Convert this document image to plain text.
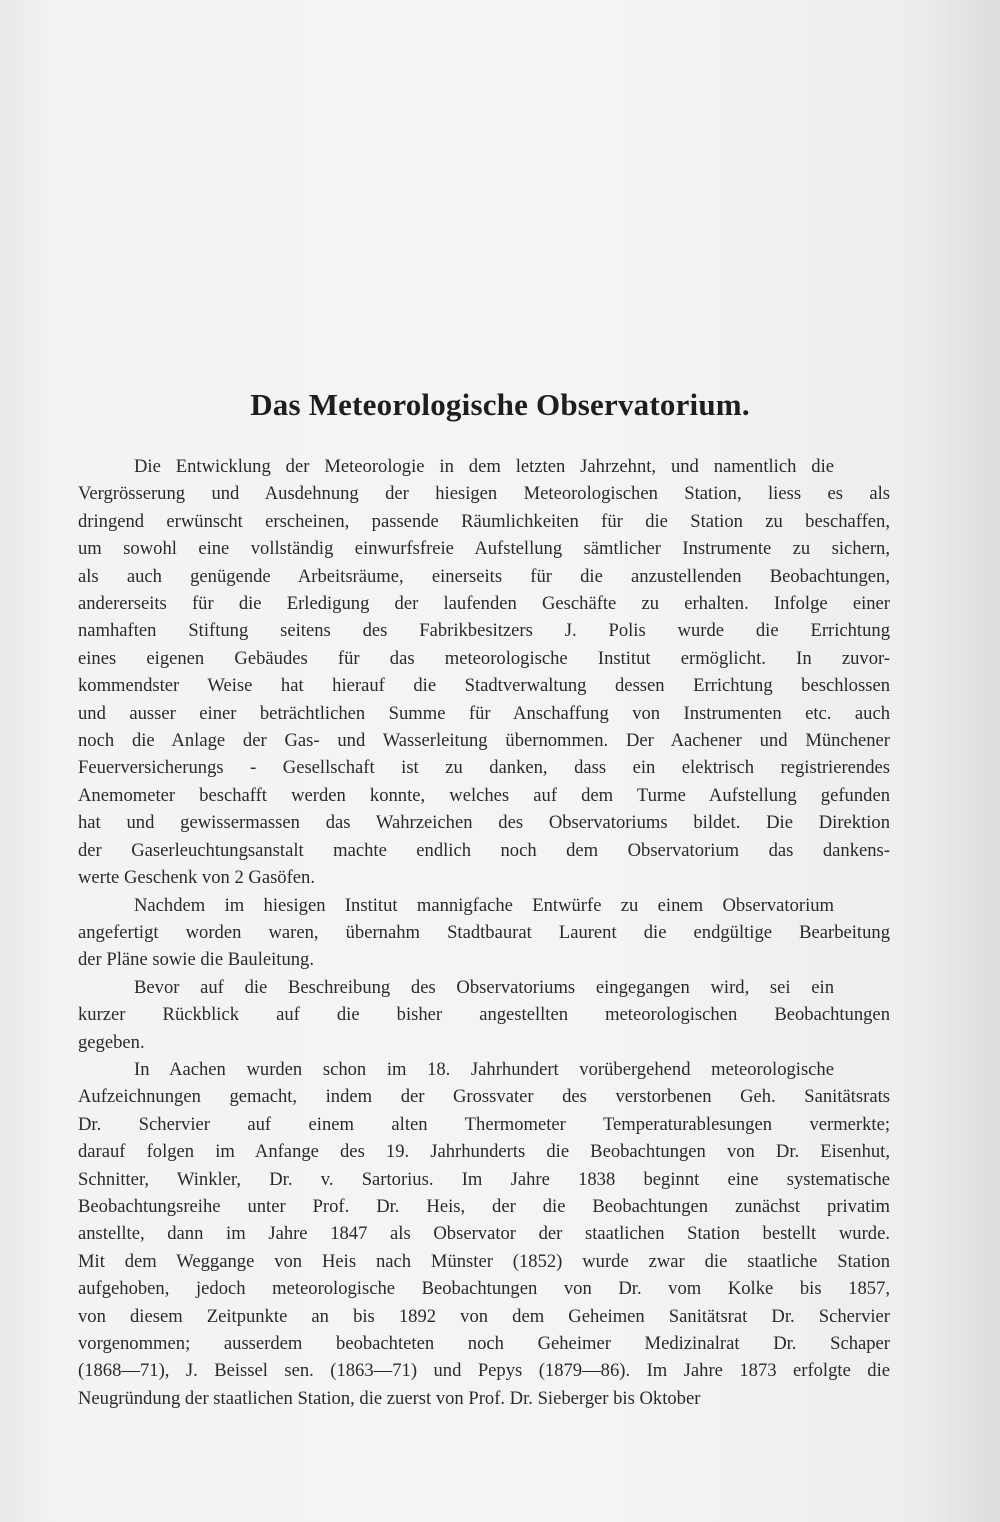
Das Meteorologische Observatorium.

Die Entwicklung der Meteorologie in dem letzten Jahrzehnt, und namentlich die
Vergrösserung und Ausdehnung der hiesigen Meteorologischen Station, liess es als
dringend erwünscht erscheinen, passende Räumlichkeiten für die Station zu beschaffen,
um sowohl eine vollständig einwurfsfreie Aufstellung sämtlicher Instrumente zu sichern,
als auch genügende Arbeitsräume, einerseits für die anzustellenden Beobachtungen,
andererseits für die Erledigung der laufenden Geschäfte zu erhalten. Infolge einer
namhaften Stiftung seitens des Fabrikbesitzers J. Polis wurde die Errichtung
eines eigenen Gebäudes für das meteorologische Institut ermöglicht. In zuvor-
kommendster Weise hat hierauf die Stadtverwaltung dessen Errichtung beschlossen
und ausser einer beträchtlichen Summe für Anschaffung von Instrumenten etc. auch
noch die Anlage der Gas- und Wasserleitung übernommen. Der Aachener und Münchener
Feuerversicherungs - Gesellschaft ist zu danken, dass ein elektrisch registrierendes
Anemometer beschafft werden konnte, welches auf dem Turme Aufstellung gefunden
hat und gewissermassen das Wahrzeichen des Observatoriums bildet. Die Direktion
der Gaserleuchtungsanstalt machte endlich noch dem Observatorium das dankens-
werte Geschenk von 2 Gasöfen.

Nachdem im hiesigen Institut mannigfache Entwürfe zu einem Observatorium
angefertigt worden waren, übernahm Stadtbaurat Laurent die endgültige Bearbeitung
der Pläne sowie die Bauleitung.

Bevor auf die Beschreibung des Observatoriums eingegangen wird, sei ein
kurzer Rückblick auf die bisher angestellten meteorologischen Beobachtungen
gegeben.

In Aachen wurden schon im 18. Jahrhundert vorübergehend meteorologische
Aufzeichnungen gemacht, indem der Grossvater des verstorbenen Geh. Sanitätsrats
Dr. Schervier auf einem alten Thermometer Temperaturablesungen vermerkte;
darauf folgen im Anfange des 19. Jahrhunderts die Beobachtungen von Dr. Eisenhut,
Schnitter, Winkler, Dr. v. Sartorius. Im Jahre 1838 beginnt eine systematische
Beobachtungsreihe unter Prof. Dr. Heis, der die Beobachtungen zunächst privatim
anstellte, dann im Jahre 1847 als Observator der staatlichen Station bestellt wurde.
Mit dem Weggange von Heis nach Münster (1852) wurde zwar die staatliche Station
aufgehoben, jedoch meteorologische Beobachtungen von Dr. vom Kolke bis 1857,
von diesem Zeitpunkte an bis 1892 von dem Geheimen Sanitätsrat Dr. Schervier
vorgenommen; ausserdem beobachteten noch Geheimer Medizinalrat Dr. Schaper
(1868—71), J. Beissel sen. (1863—71) und Pepys (1879—86). Im Jahre 1873 erfolgte die
Neugründung der staatlichen Station, die zuerst von Prof. Dr. Sieberger bis Oktober
